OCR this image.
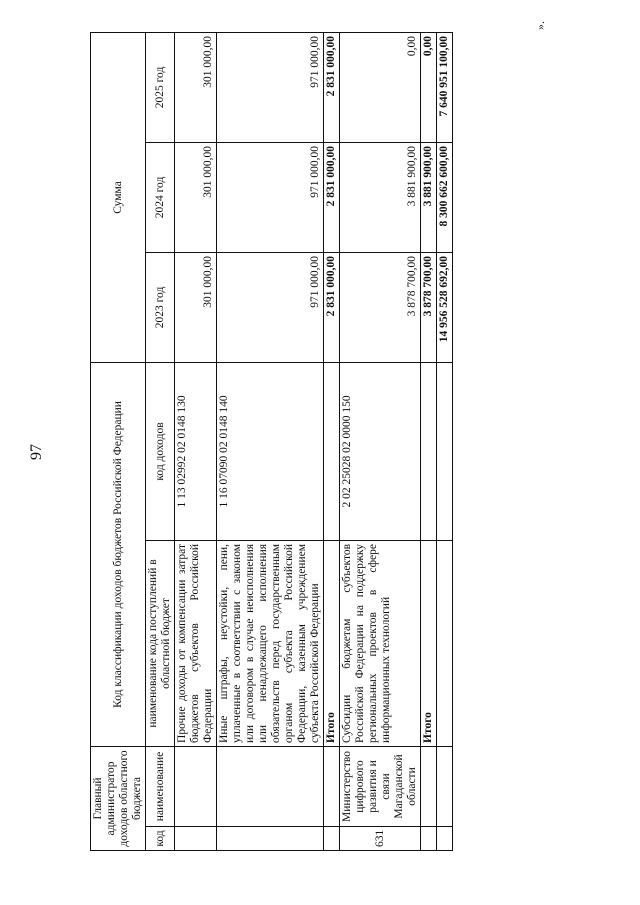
97
Главный администратор доходов областного бюджета		Код классификации доходов бюджетов Российской Федерации		Сумма		
код	наименование	наименование кода поступлений в областной бюджет	код доходов	2023 год	2024 год	2025 год
		Прочие доходы от компенсации затрат бюджетов субъектов Российской Федерации	1 13 02992 02 0148 130	301 000,00	301 000,00	301 000,00
		Иные штрафы, неустойки, пени, уплаченные в соответствии с законом или договором в случае неисполнения или ненадлежащего исполнения обязательств перед государственным органом субъекта Российской Федерации, казенным учреждением субъекта Российской Федерации	1 16 07090 02 0148 140	971 000,00	971 000,00	971 000,00
		Итого		2 831 000,00	2 831 000,00	2 831 000,00
631	Министерство цифрового развития и связи Магаданской области	Субсидии бюджетам субъектов Российской Федерации на поддержку региональных проектов в сфере информационных технологий	2 02 25028 02 0000 150	3 878 700,00	3 881 900,00	0,00
		Итого		3 878 700,00	3 881 900,00	0,00
				14 956 528 692,00	8 300 662 600,00	7 640 951 100,00
».
